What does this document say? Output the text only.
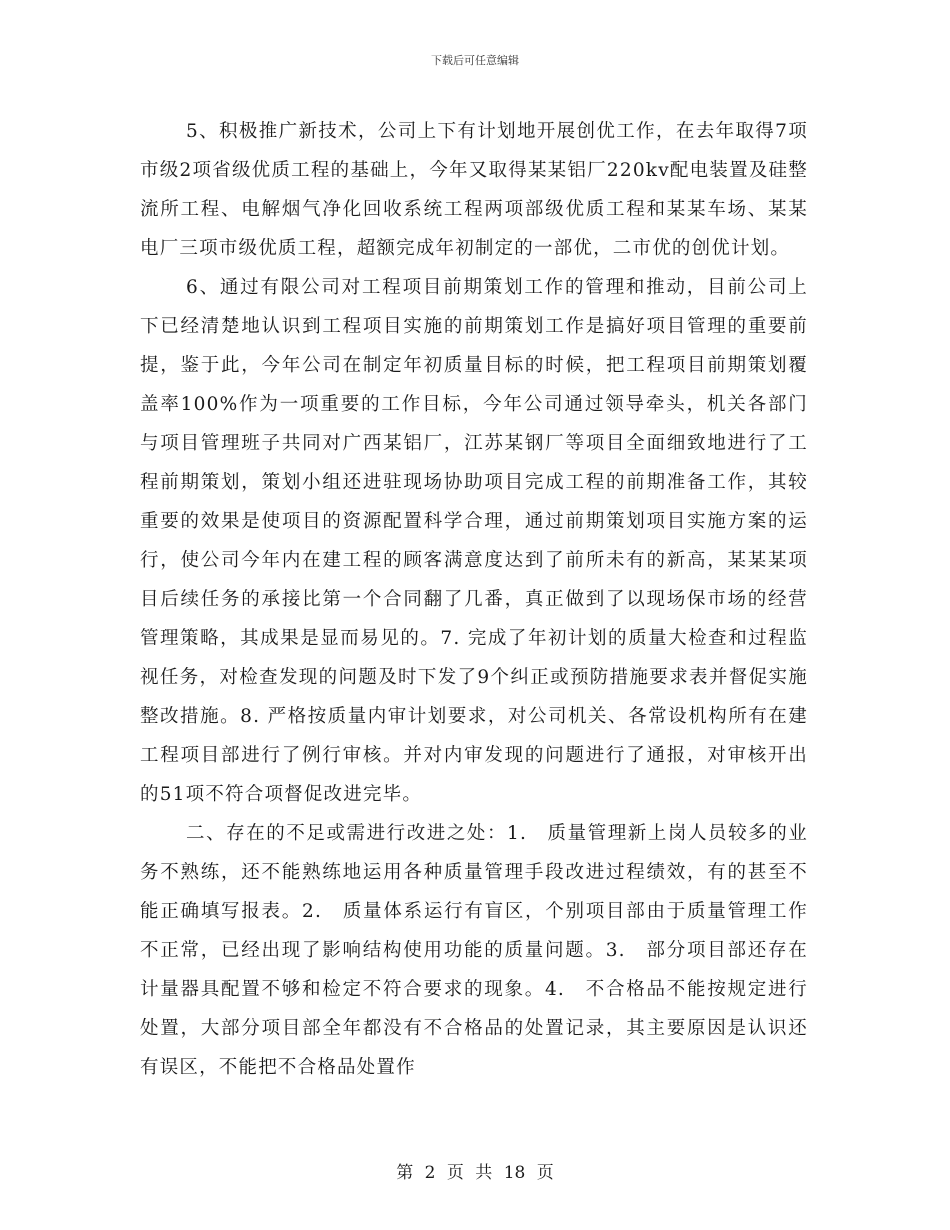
下载后可任意编辑

5、积极推广新技术，公司上下有计划地开展创优工作，在去年取得7项市级2项省级优质工程的基础上，今年又取得某某铝厂220kv配电装置及硅整流所工程、电解烟气净化回收系统工程两项部级优质工程和某某车场、某某电厂三项市级优质工程，超额完成年初制定的一部优，二市优的创优计划。

6、通过有限公司对工程项目前期策划工作的管理和推动，目前公司上下已经清楚地认识到工程项目实施的前期策划工作是搞好项目管理的重要前提，鉴于此，今年公司在制定年初质量目标的时候，把工程项目前期策划覆盖率100%作为一项重要的工作目标，今年公司通过领导牵头，机关各部门与项目管理班子共同对广西某铝厂，江苏某钢厂等项目全面细致地进行了工程前期策划，策划小组还进驻现场协助项目完成工程的前期准备工作，其较重要的效果是使项目的资源配置科学合理，通过前期策划项目实施方案的运行，使公司今年内在建工程的顾客满意度达到了前所未有的新高，某某某项目后续任务的承接比第一个合同翻了几番，真正做到了以现场保市场的经营管理策略，其成果是显而易见的。7. 完成了年初计划的质量大检查和过程监视任务，对检查发现的问题及时下发了9个纠正或预防措施要求表并督促实施整改措施。8. 严格按质量内审计划要求，对公司机关、各常设机构所有在建工程项目部进行了例行审核。并对内审发现的问题进行了通报，对审核开出的51项不符合项督促改进完毕。

二、存在的不足或需进行改进之处：1.　质量管理新上岗人员较多的业务不熟练，还不能熟练地运用各种质量管理手段改进过程绩效，有的甚至不能正确填写报表。2.　质量体系运行有盲区，个别项目部由于质量管理工作不正常，已经出现了影响结构使用功能的质量问题。3.　部分项目部还存在计量器具配置不够和检定不符合要求的现象。4.　不合格品不能按规定进行处置，大部分项目部全年都没有不合格品的处置记录，其主要原因是认识还有误区，不能把不合格品处置作

第 2 页 共 18 页
